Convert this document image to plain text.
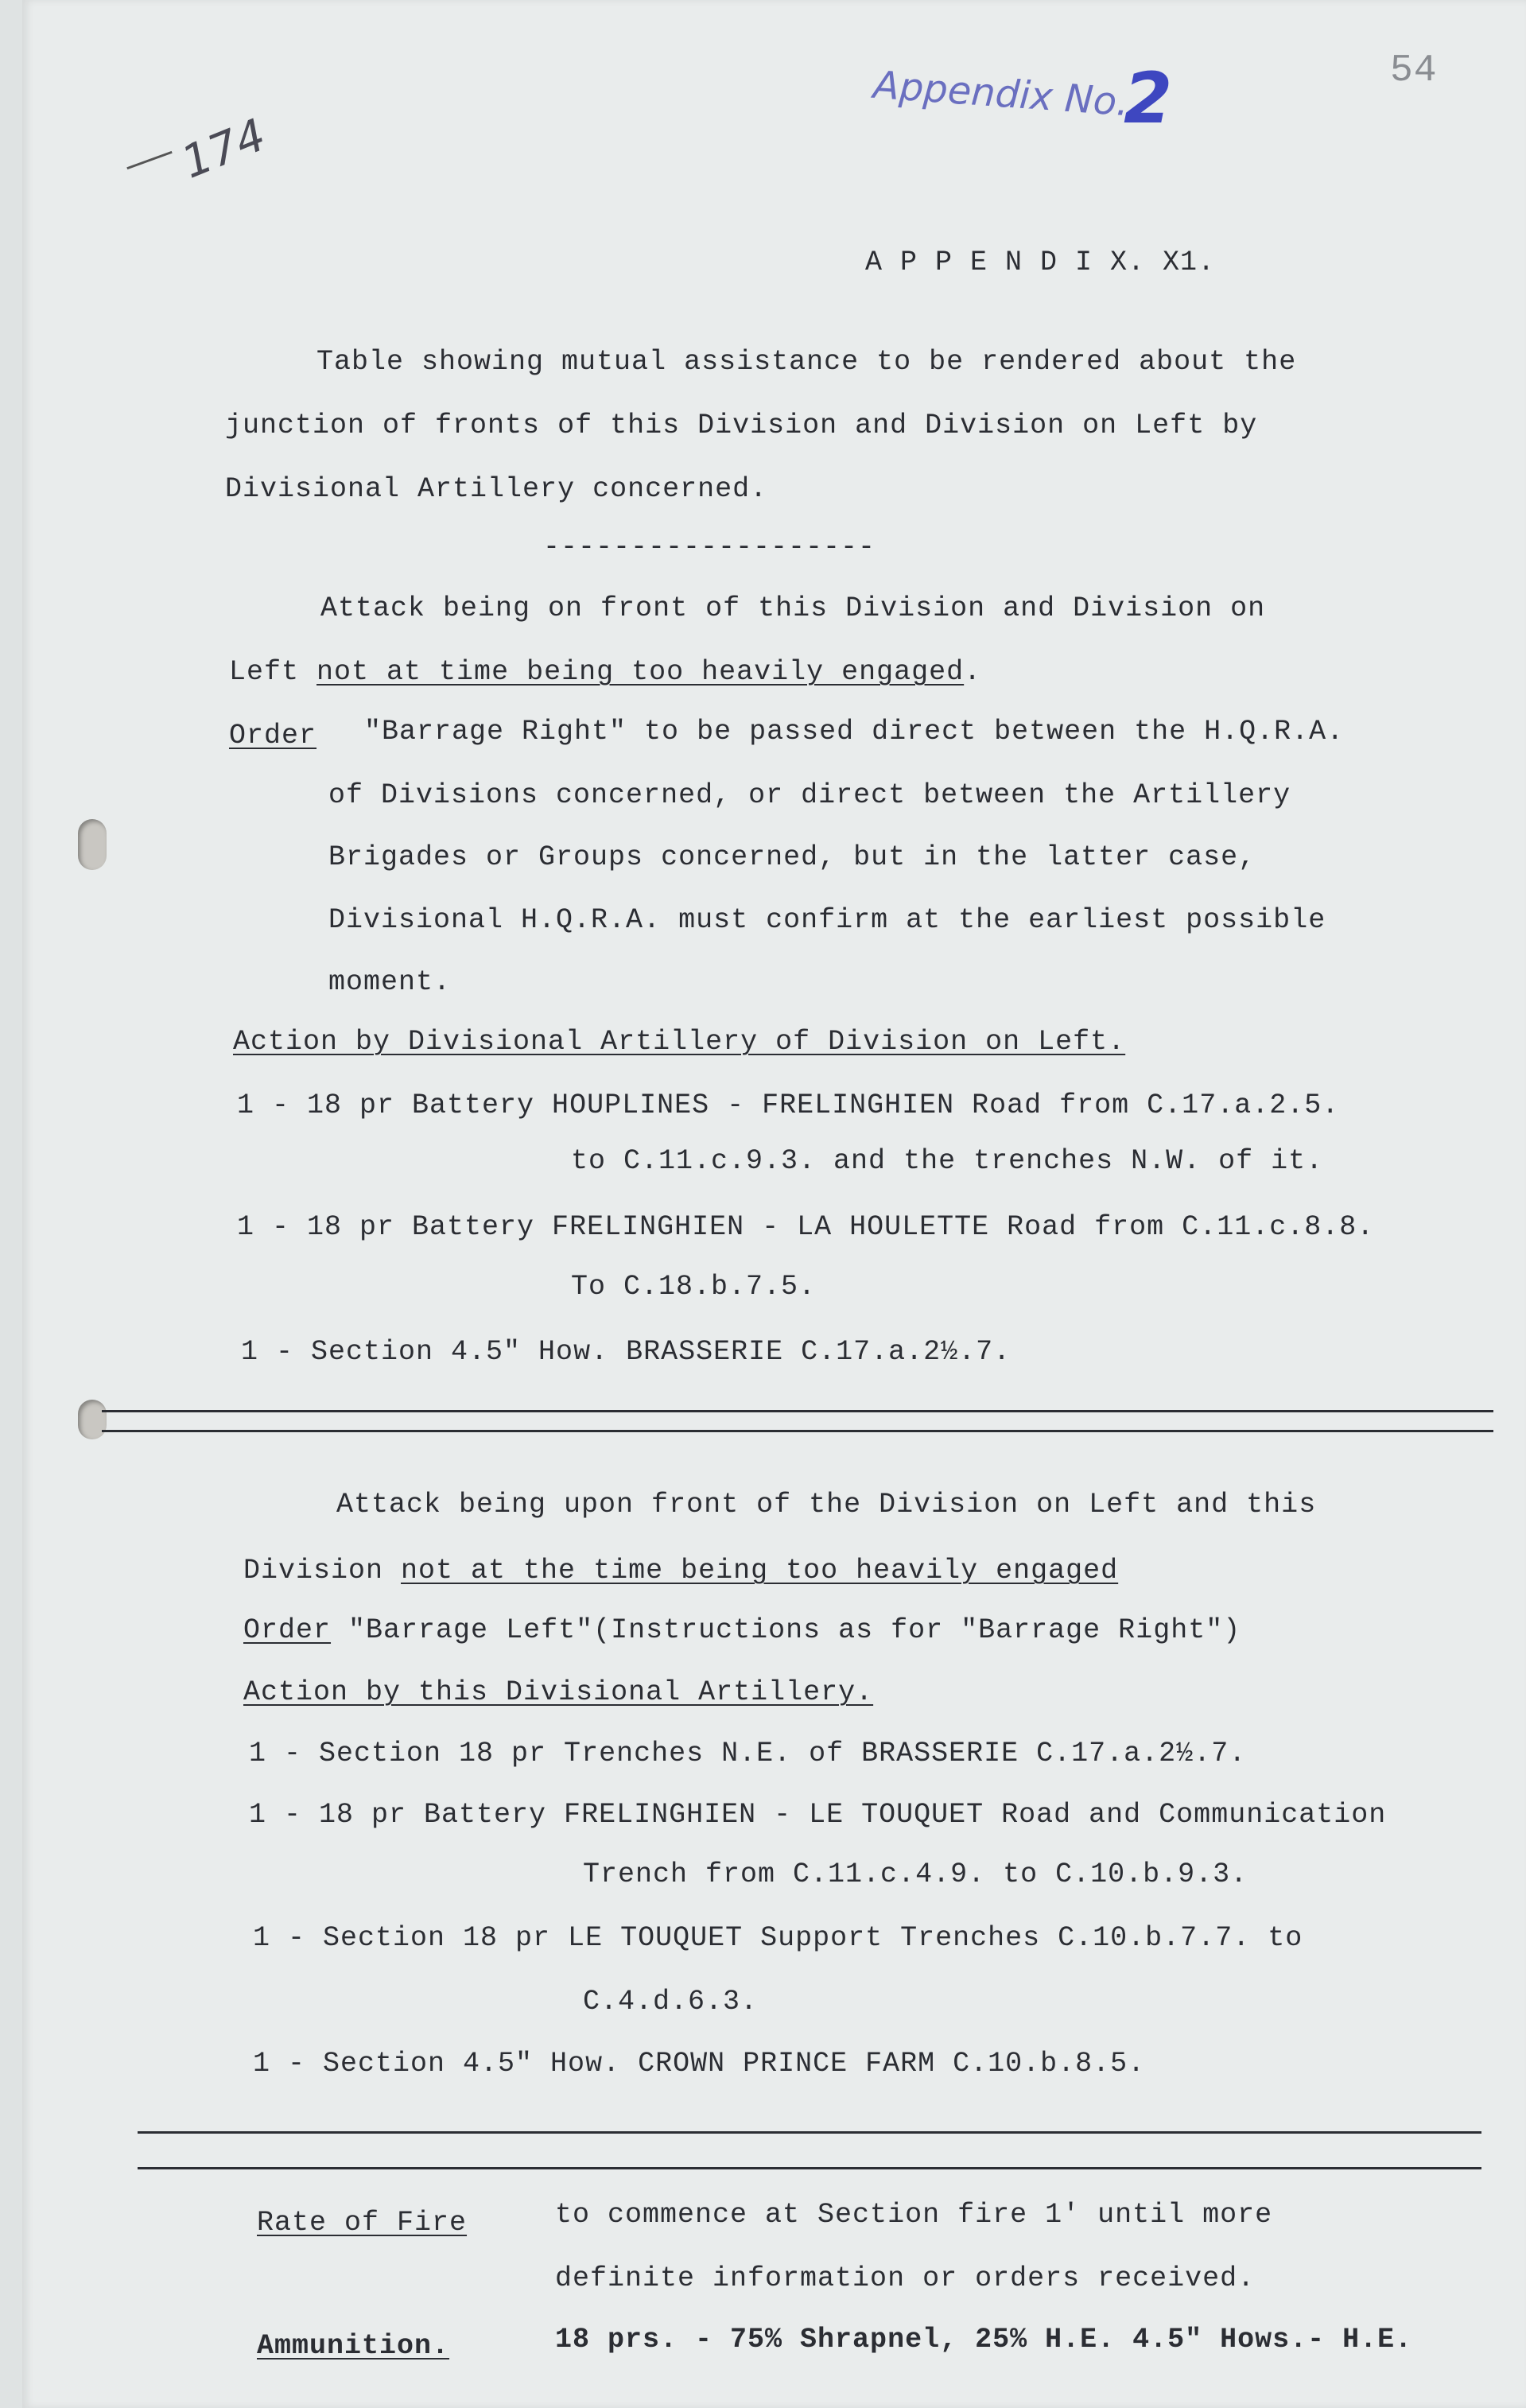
174
Appendix No.
2	54
A P P E N D I X. X1.
Table showing mutual assistance to be rendered about the
junction of fronts of this Division and Division on Left by
Divisional Artillery concerned.
-------------------
Attack being on front of this Division and Division on
Left not at time being too heavily engaged.
Order "Barrage Right" to be passed direct between the H.Q.R.A.
of Divisions concerned, or direct between the Artillery
Brigades or Groups concerned, but in the latter case,
Divisional H.Q.R.A. must confirm at the earliest possible
moment.
Action by Divisional Artillery of Division on Left.
1 - 18 pr Battery HOUPLINES - FRELINGHIEN Road from C.17.a.2.5.
to C.11.c.9.3. and the trenches N.W. of it.
1 - 18 pr Battery FRELINGHIEN - LA HOULETTE Road from C.11.c.8.8.
To C.18.b.7.5.
1 - Section 4.5" How. BRASSERIE C.17.a.2½.7.
Attack being upon front of the Division on Left and this
Division not at the time being too heavily engaged
Order "Barrage Left"(Instructions as for "Barrage Right")
Action by this Divisional Artillery.
1 - Section 18 pr Trenches N.E. of BRASSERIE C.17.a.2½.7.
1 - 18 pr Battery FRELINGHIEN - LE TOUQUET Road and Communication
Trench from C.11.c.4.9. to C.10.b.9.3.
1 - Section 18 pr LE TOUQUET Support Trenches C.10.b.7.7. to
C.4.d.6.3.
1 - Section 4.5" How. CROWN PRINCE FARM C.10.b.8.5.
Rate of Fire	to commence at Section fire 1' until more
definite information or orders received.
Ammunition.	18 prs. - 75% Shrapnel, 25% H.E. 4.5" Hows.- H.E.
